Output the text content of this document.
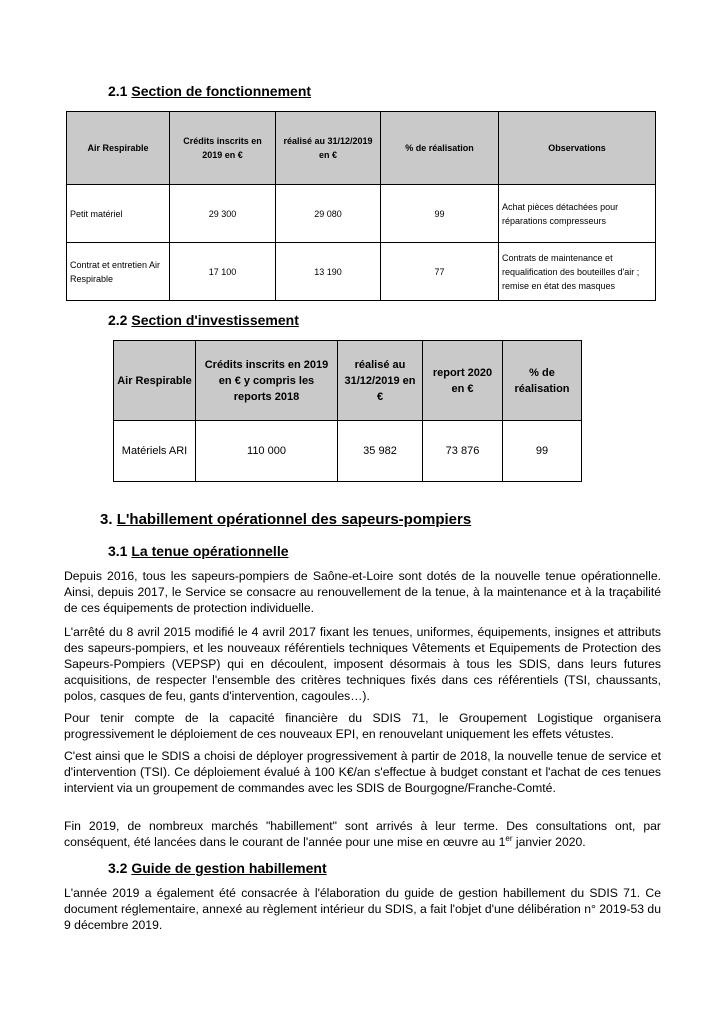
2.1 Section de fonctionnement
Air Respirable	Crédits inscrits en 2019 en €	réalisé au 31/12/2019 en €	% de réalisation	Observations
Petit matériel	29 300	29 080	99	Achat pièces détachées pour réparations compresseurs
Contrat et entretien Air Respirable	17 100	13 190	77	Contrats de maintenance et requalification des bouteilles d'air ; remise en état des masques
2.2 Section d'investissement
Air Respirable	Crédits inscrits en 2019 en € y compris les reports 2018	réalisé au 31/12/2019 en €	report 2020 en €	% de réalisation
Matériels ARI	110 000	35 982	73 876	99
3. L'habillement opérationnel des sapeurs-pompiers
3.1 La tenue opérationnelle

Depuis 2016, tous les sapeurs-pompiers de Saône-et-Loire sont dotés de la nouvelle tenue opérationnelle. Ainsi, depuis 2017, le Service se consacre au renouvellement de la tenue, à la maintenance et à la traçabilité de ces équipements de protection individuelle.

L'arrêté du 8 avril 2015 modifié le 4 avril 2017 fixant les tenues, uniformes, équipements, insignes et attributs des sapeurs-pompiers, et les nouveaux référentiels techniques Vêtements et Equipements de Protection des Sapeurs-Pompiers (VEPSP) qui en découlent, imposent désormais à tous les SDIS, dans leurs futures acquisitions, de respecter l'ensemble des critères techniques fixés dans ces référentiels (TSI, chaussants, polos, casques de feu, gants d'intervention, cagoules…).

Pour tenir compte de la capacité financière du SDIS 71, le Groupement Logistique organisera progressivement le déploiement de ces nouveaux EPI, en renouvelant uniquement les effets vétustes.

C'est ainsi que le SDIS a choisi de déployer progressivement à partir de 2018, la nouvelle tenue de service et d'intervention (TSI). Ce déploiement évalué à 100 K€/an s'effectue à budget constant et l'achat de ces tenues intervient via un groupement de commandes avec les SDIS de Bourgogne/Franche-Comté.

Fin 2019, de nombreux marchés "habillement" sont arrivés à leur terme. Des consultations ont, par conséquent, été lancées dans le courant de l'année pour une mise en œuvre au 1er janvier 2020.

3.2 Guide de gestion habillement

L'année 2019 a également été consacrée à l'élaboration du guide de gestion habillement du SDIS 71. Ce document réglementaire, annexé au règlement intérieur du SDIS, a fait l'objet d'une délibération n° 2019-53 du 9 décembre 2019.
